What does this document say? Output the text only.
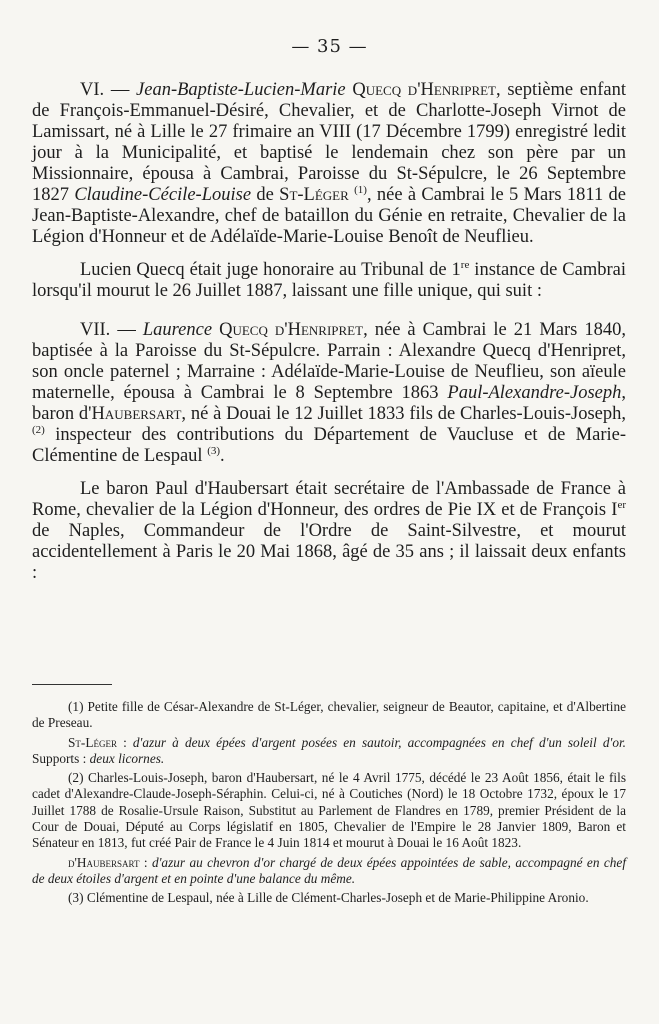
— 35 —

VI. — Jean-Baptiste-Lucien-Marie Quecq d'Henripret, septième enfant de François-Emmanuel-Désiré, Chevalier, et de Charlotte-Joseph Virnot de Lamissart, né à Lille le 27 frimaire an VIII (17 Décembre 1799) enregistré ledit jour à la Municipalité, et baptisé le lendemain chez son père par un Missionnaire, épousa à Cambrai, Paroisse du St-Sépulcre, le 26 Septembre 1827 Claudine-Cécile-Louise de St-Léger $^{(1)}$, née à Cambrai le 5 Mars 1811 de Jean-Baptiste-Alexandre, chef de bataillon du Génie en retraite, Chevalier de la Légion d'Honneur et de Adélaïde-Marie-Louise Benoît de Neuflieu.

Lucien Quecq était juge honoraire au Tribunal de 1re instance de Cambrai lorsqu'il mourut le 26 Juillet 1887, laissant une fille unique, qui suit :

VII. — Laurence Quecq d'Henripret, née à Cambrai le 21 Mars 1840, baptisée à la Paroisse du St-Sépulcre. Parrain : Alexandre Quecq d'Henripret, son oncle paternel ; Marraine : Adélaïde-Marie-Louise de Neuflieu, son aïeule maternelle, épousa à Cambrai le 8 Septembre 1863 Paul-Alexandre-Joseph, baron d'Haubersart, né à Douai le 12 Juillet 1833 fils de Charles-Louis-Joseph, $^{(2)}$ inspecteur des contributions du Département de Vaucluse et de Marie-Clémentine de Lespaul $^{(3)}$.

Le baron Paul d'Haubersart était secrétaire de l'Ambassade de France à Rome, chevalier de la Légion d'Honneur, des ordres de Pie IX et de François Ier de Naples, Commandeur de l'Ordre de Saint-Silvestre, et mourut accidentellement à Paris le 20 Mai 1868, âgé de 35 ans ; il laissait deux enfants :

(1) Petite fille de César-Alexandre de St-Léger, chevalier, seigneur de Beautor, capitaine, et d'Albertine de Preseau.

St-Léger : d'azur à deux épées d'argent posées en sautoir, accompagnées en chef d'un soleil d'or. Supports : deux licornes.

(2) Charles-Louis-Joseph, baron d'Haubersart, né le 4 Avril 1775, décédé le 23 Août 1856, était le fils cadet d'Alexandre-Claude-Joseph-Séraphin. Celui-ci, né à Coutiches (Nord) le 18 Octobre 1732, époux le 17 Juillet 1788 de Rosalie-Ursule Raison, Substitut au Parlement de Flandres en 1789, premier Président de la Cour de Douai, Député au Corps législatif en 1805, Chevalier de l'Empire le 28 Janvier 1809, Baron et Sénateur en 1813, fut créé Pair de France le 4 Juin 1814 et mourut à Douai le 16 Août 1823.

d'Haubersart : d'azur au chevron d'or chargé de deux épées appointées de sable, accompagné en chef de deux étoiles d'argent et en pointe d'une balance du même.

(3) Clémentine de Lespaul, née à Lille de Clément-Charles-Joseph et de Marie-Philippine Aronio.
